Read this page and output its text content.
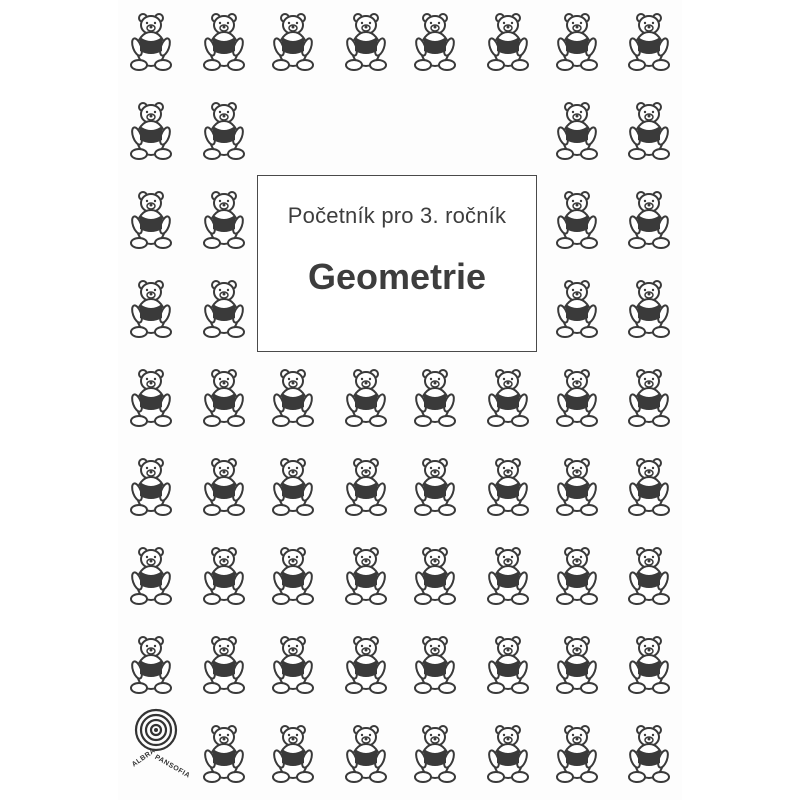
Početník pro 3. ročník
Geometrie
ALBRA
PANSOFIA
